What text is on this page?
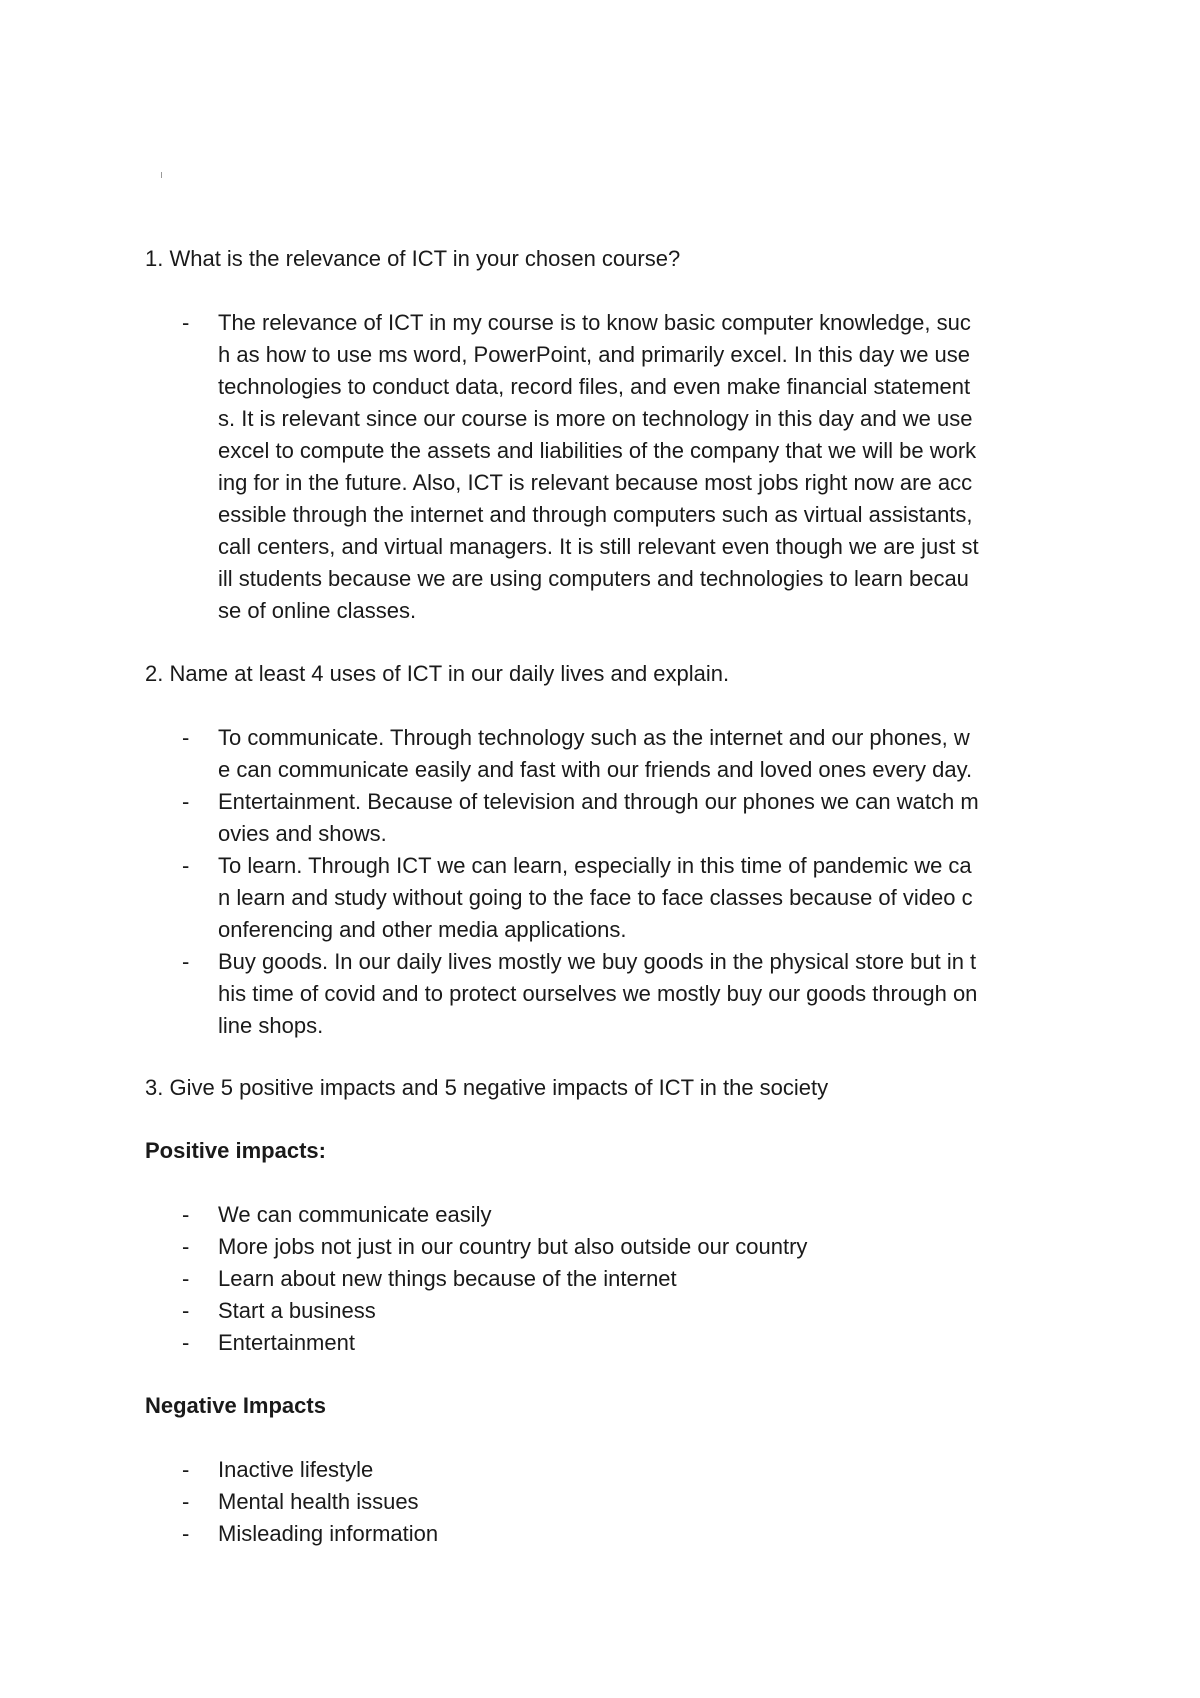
1. What is the relevance of ICT in your chosen course?

- The relevance of ICT in my course is to know basic computer knowledge, suc
h as how to use ms word, PowerPoint, and primarily excel. In this day we use
technologies to conduct data, record files, and even make financial statement
s. It is relevant since our course is more on technology in this day and we use
excel to compute the assets and liabilities of the company that we will be work
ing for in the future. Also, ICT is relevant because most jobs right now are acc
essible through the internet and through computers such as virtual assistants,
call centers, and virtual managers. It is still relevant even though we are just st
ill students because we are using computers and technologies to learn becau
se of online classes.

2. Name at least 4 uses of ICT in our daily lives and explain.

- To communicate. Through technology such as the internet and our phones, w
e can communicate easily and fast with our friends and loved ones every day.
- Entertainment. Because of television and through our phones we can watch m
ovies and shows.
- To learn. Through ICT we can learn, especially in this time of pandemic we ca
n learn and study without going to the face to face classes because of video c
onferencing and other media applications.
- Buy goods. In our daily lives mostly we buy goods in the physical store but in t
his time of covid and to protect ourselves we mostly buy our goods through on
line shops.

3. Give 5 positive impacts and 5 negative impacts of ICT in the society

Positive impacts:

- We can communicate easily
- More jobs not just in our country but also outside our country
- Learn about new things because of the internet
- Start a business
- Entertainment

Negative Impacts

- Inactive lifestyle
- Mental health issues
- Misleading information
